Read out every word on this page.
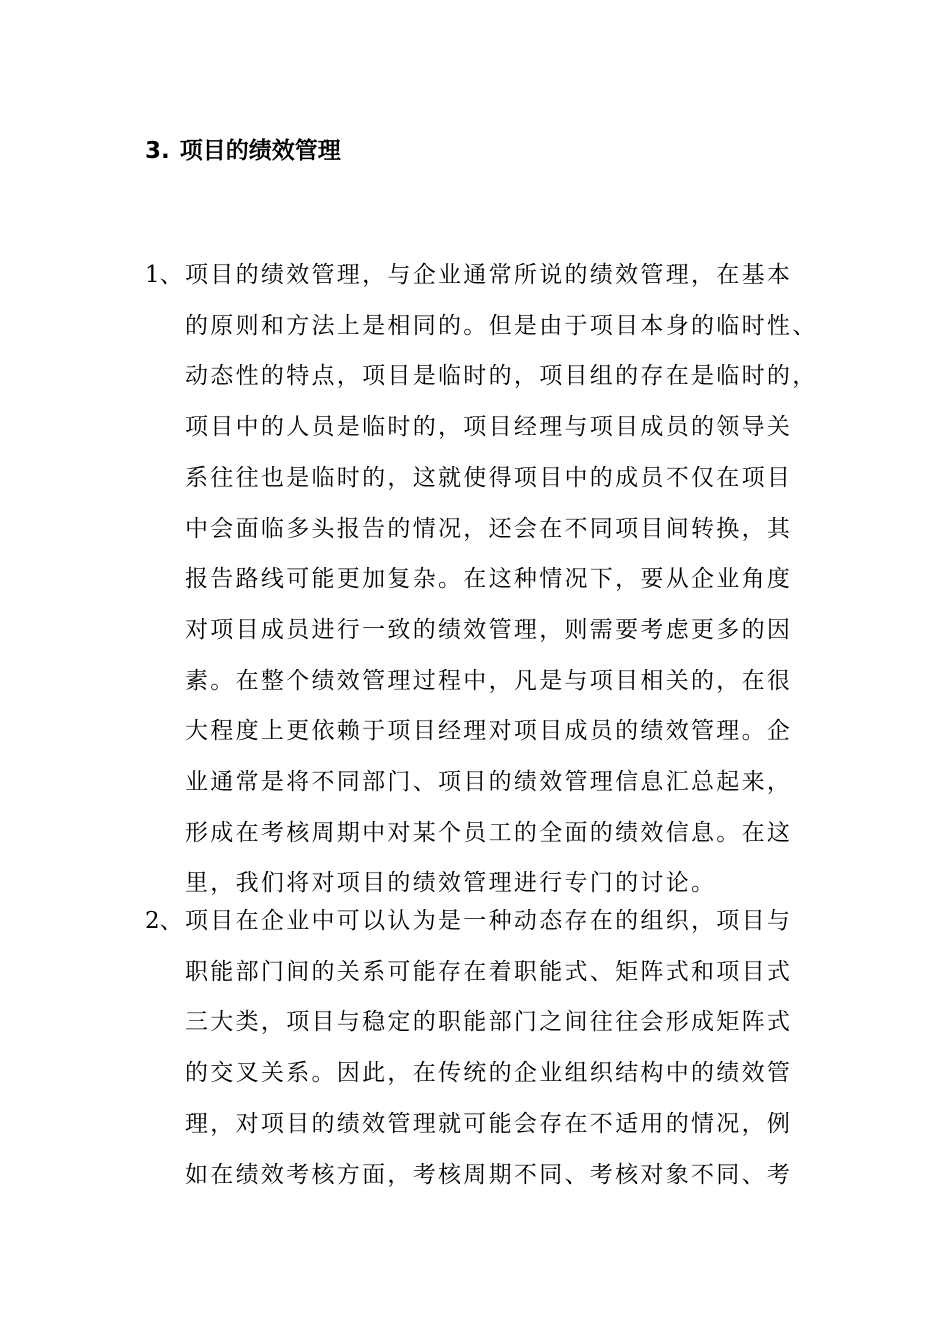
3. 项目的绩效管理
1、 项目的绩效管理，与企业通常所说的绩效管理，在基本
的原则和方法上是相同的。但是由于项目本身的临时性、
动态性的特点，项目是临时的，项目组的存在是临时的，
项目中的人员是临时的，项目经理与项目成员的领导关
系往往也是临时的，这就使得项目中的成员不仅在项目
中会面临多头报告的情况，还会在不同项目间转换，其
报告路线可能更加复杂。在这种情况下，要从企业角度
对项目成员进行一致的绩效管理，则需要考虑更多的因
素。在整个绩效管理过程中，凡是与项目相关的，在很
大程度上更依赖于项目经理对项目成员的绩效管理。企
业通常是将不同部门、项目的绩效管理信息汇总起来，
形成在考核周期中对某个员工的全面的绩效信息。在这
里，我们将对项目的绩效管理进行专门的讨论。
2、 项目在企业中可以认为是一种动态存在的组织，项目与
职能部门间的关系可能存在着职能式、矩阵式和项目式
三大类，项目与稳定的职能部门之间往往会形成矩阵式
的交叉关系。因此，在传统的企业组织结构中的绩效管
理，对项目的绩效管理就可能会存在不适用的情况，例
如在绩效考核方面，考核周期不同、考核对象不同、考
